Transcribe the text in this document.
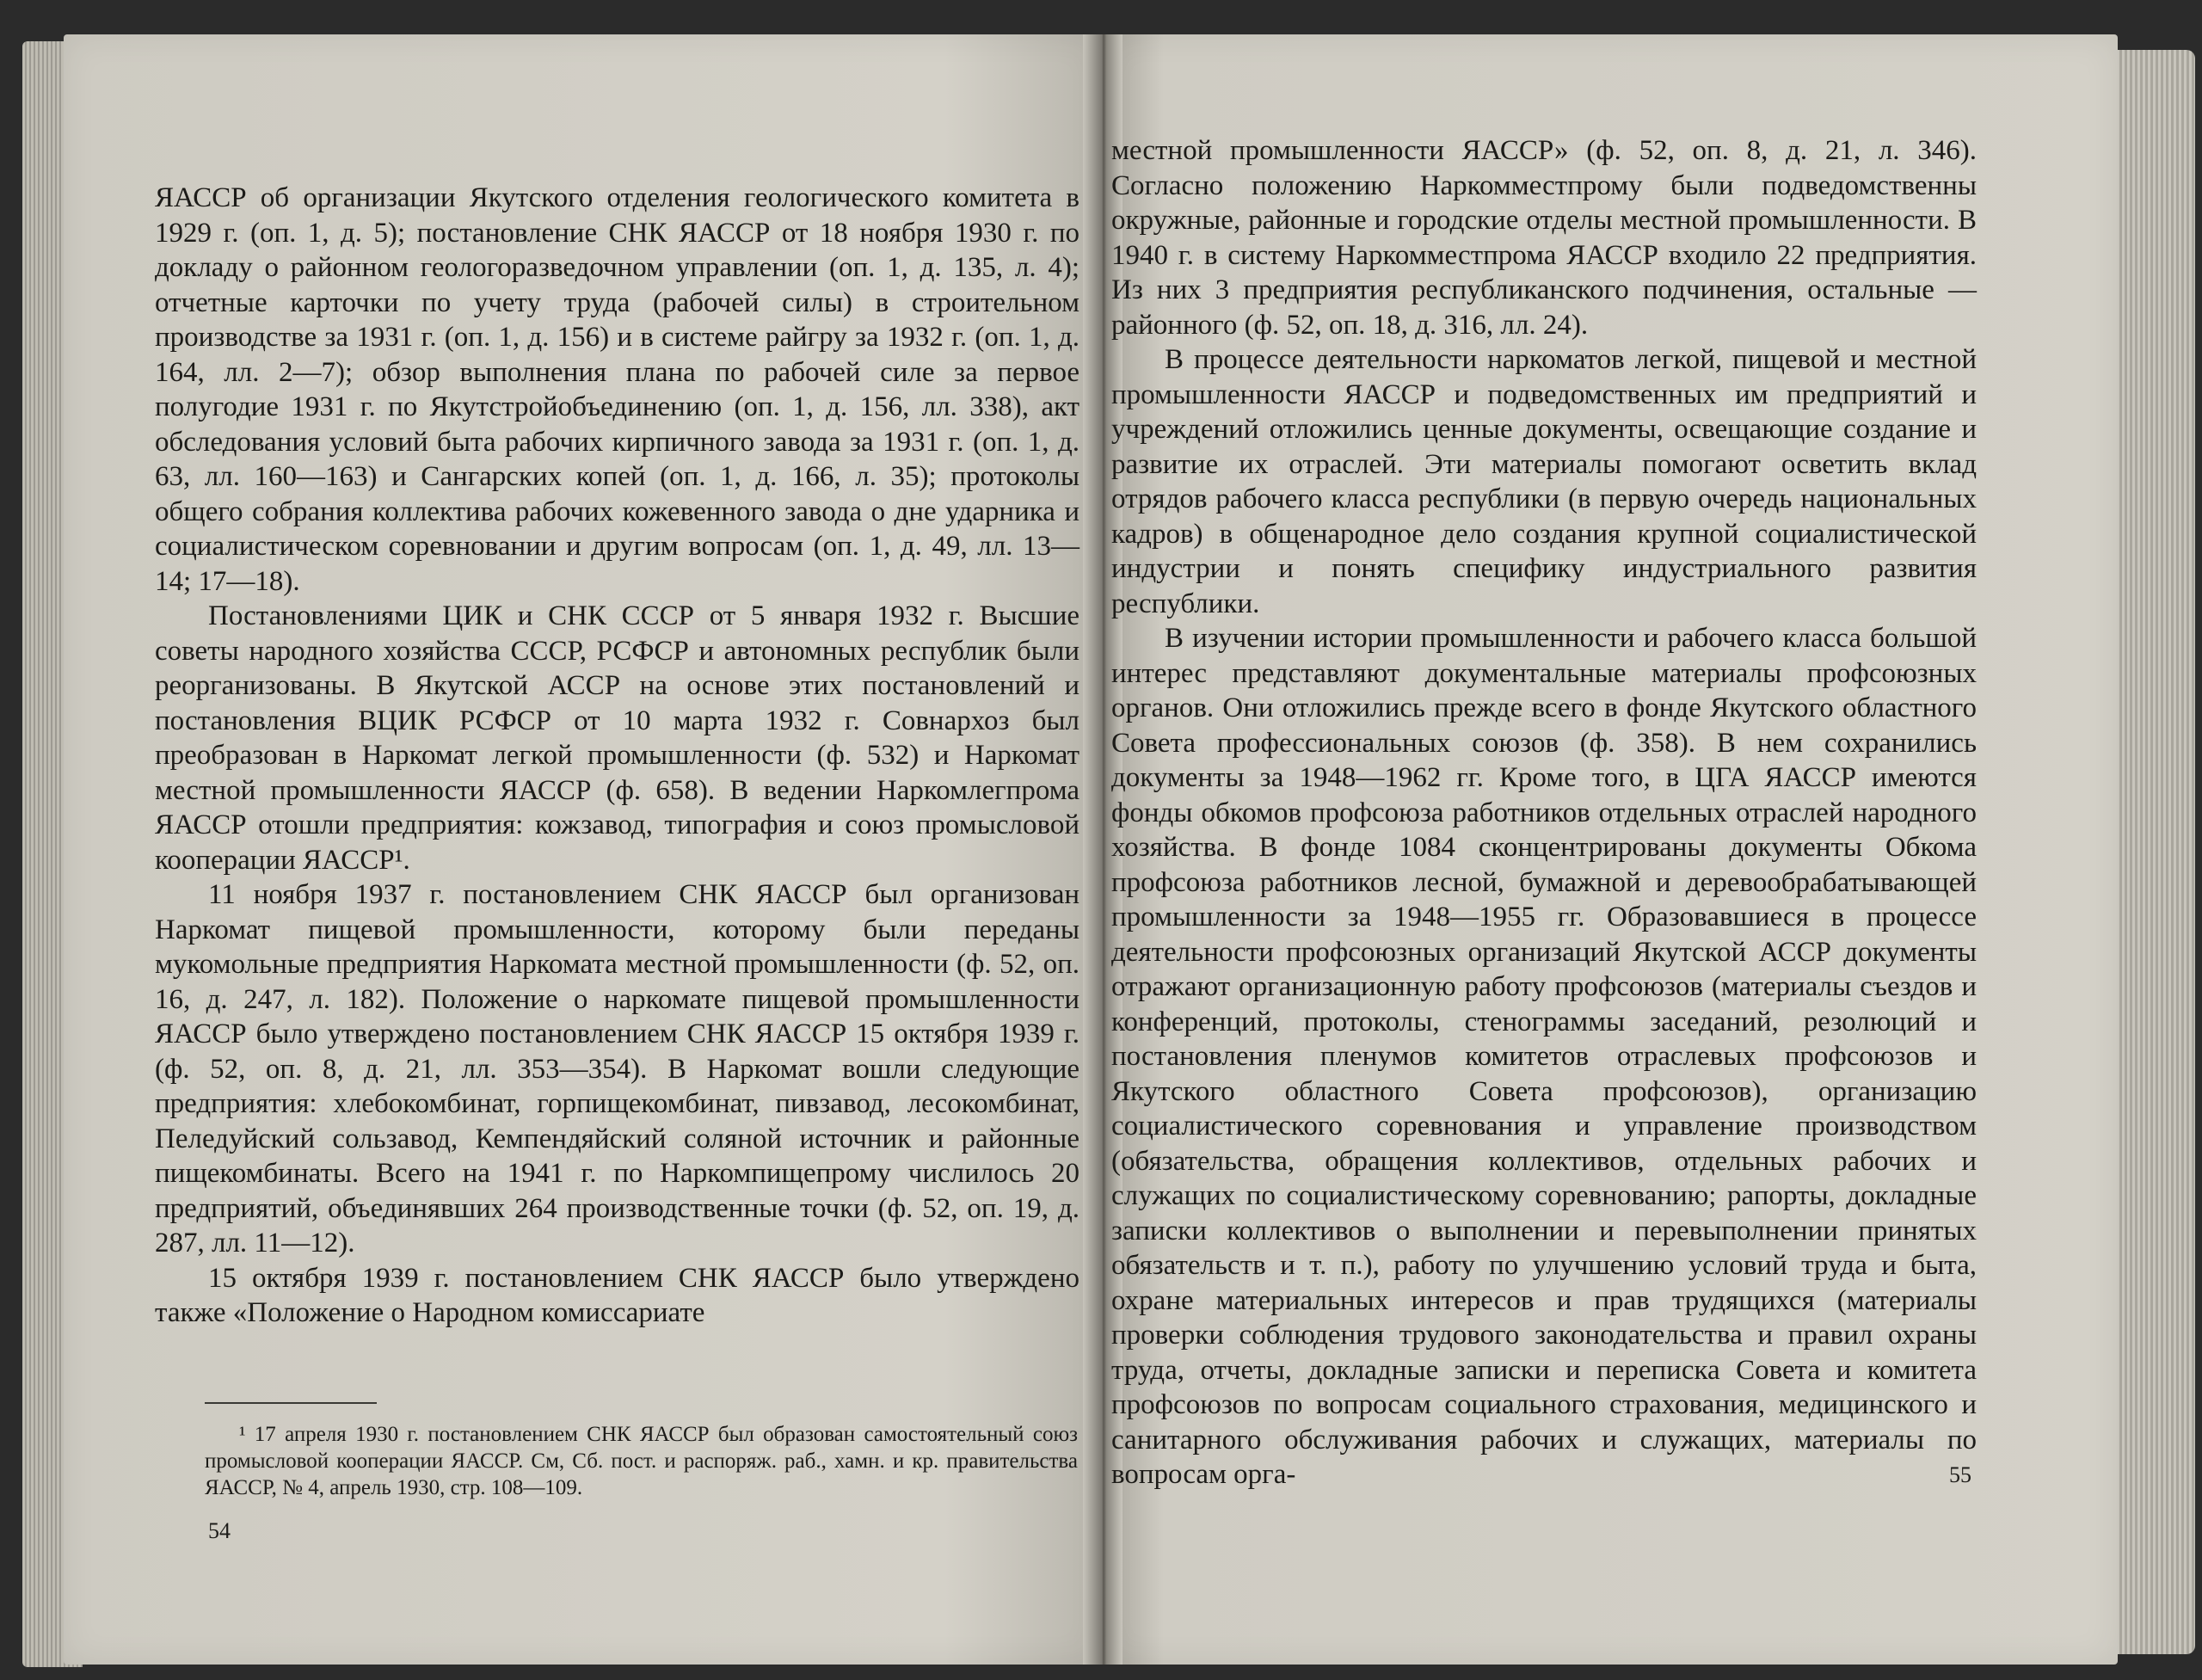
ЯАССР об организации Якутского отделения геологического комитета в 1929 г. (оп. 1, д. 5); постановление СНК ЯАССР от 18 ноября 1930 г. по докладу о районном геологоразведочном управлении (оп. 1, д. 135, л. 4); отчетные карточки по учету труда (рабочей силы) в строительном производстве за 1931 г. (оп. 1, д. 156) и в системе райгру за 1932 г. (оп. 1, д. 164, лл. 2—7); обзор выполнения плана по рабочей силе за первое полугодие 1931 г. по Якутстройобъединению (оп. 1, д. 156, лл. 338), акт обследования условий быта рабочих кирпичного завода за 1931 г. (оп. 1, д. 63, лл. 160—163) и Сангарских копей (оп. 1, д. 166, л. 35); протоколы общего собрания коллектива рабочих кожевенного завода о дне ударника и социалистическом соревновании и другим вопросам (оп. 1, д. 49, лл. 13—14; 17—18).

Постановлениями ЦИК и СНК СССР от 5 января 1932 г. Высшие советы народного хозяйства СССР, РСФСР и автономных республик были реорганизованы. В Якутской АССР на основе этих постановлений и постановления ВЦИК РСФСР от 10 марта 1932 г. Совнархоз был преобразован в Наркомат легкой промышленности (ф. 532) и Наркомат местной промышленности ЯАССР (ф. 658). В ведении Наркомлегпрома ЯАССР отошли предприятия: кожзавод, типография и союз промысловой кооперации ЯАССР¹.

11 ноября 1937 г. постановлением СНК ЯАССР был организован Наркомат пищевой промышленности, которому были переданы мукомольные предприятия Наркомата местной промышленности (ф. 52, оп. 16, д. 247, л. 182). Положение о наркомате пищевой промышленности ЯАССР было утверждено постановлением СНК ЯАССР 15 октября 1939 г. (ф. 52, оп. 8, д. 21, лл. 353—354). В Наркомат вошли следующие предприятия: хлебокомбинат, горпищекомбинат, пивзавод, лесокомбинат, Пеледуйский сользавод, Кемпендяйский соляной источник и районные пищекомбинаты. Всего на 1941 г. по Наркомпищепрому числилось 20 предприятий, объединявших 264 производственные точки (ф. 52, оп. 19, д. 287, лл. 11—12).

15 октября 1939 г. постановлением СНК ЯАССР было утверждено также «Положение о Народном комиссариате

¹ 17 апреля 1930 г. постановлением СНК ЯАССР был образован самостоятельный союз промысловой кооперации ЯАССР. См, Сб. пост. и распоряж. раб., хамн. и кр. правительства ЯАССР, № 4, апрель 1930, стр. 108—109.
54

местной промышленности ЯАССР» (ф. 52, оп. 8, д. 21, л. 346). Согласно положению Наркомместпрому были подведомственны окружные, районные и городские отделы местной промышленности. В 1940 г. в систему Наркомместпрома ЯАССР входило 22 предприятия. Из них 3 предприятия республиканского подчинения, остальные — районного (ф. 52, оп. 18, д. 316, лл. 24).

В процессе деятельности наркоматов легкой, пищевой и местной промышленности ЯАССР и подведомственных им предприятий и учреждений отложились ценные документы, освещающие создание и развитие их отраслей. Эти материалы помогают осветить вклад отрядов рабочего класса республики (в первую очередь национальных кадров) в общенародное дело создания крупной социалистической индустрии и понять специфику индустриального развития республики.

В изучении истории промышленности и рабочего класса большой интерес представляют документальные материалы профсоюзных органов. Они отложились прежде всего в фонде Якутского областного Совета профессиональных союзов (ф. 358). В нем сохранились документы за 1948—1962 гг. Кроме того, в ЦГА ЯАССР имеются фонды обкомов профсоюза работников отдельных отраслей народного хозяйства. В фонде 1084 сконцентрированы документы Обкома профсоюза работников лесной, бумажной и деревообрабатывающей промышленности за 1948—1955 гг. Образовавшиеся в процессе деятельности профсоюзных организаций Якутской АССР документы отражают организационную работу профсоюзов (материалы съездов и конференций, протоколы, стенограммы заседаний, резолюций и постановления пленумов комитетов отраслевых профсоюзов и Якутского областного Совета профсоюзов), организацию социалистического соревнования и управление производством (обязательства, обращения коллективов, отдельных рабочих и служащих по социалистическому соревнованию; рапорты, докладные записки коллективов о выполнении и перевыполнении принятых обязательств и т. п.), работу по улучшению условий труда и быта, охране материальных интересов и прав трудящихся (материалы проверки соблюдения трудового законодательства и правил охраны труда, отчеты, докладные записки и переписка Совета и комитета профсоюзов по вопросам социального страхования, медицинского и санитарного обслуживания рабочих и служащих, материалы по вопросам орга-	55
